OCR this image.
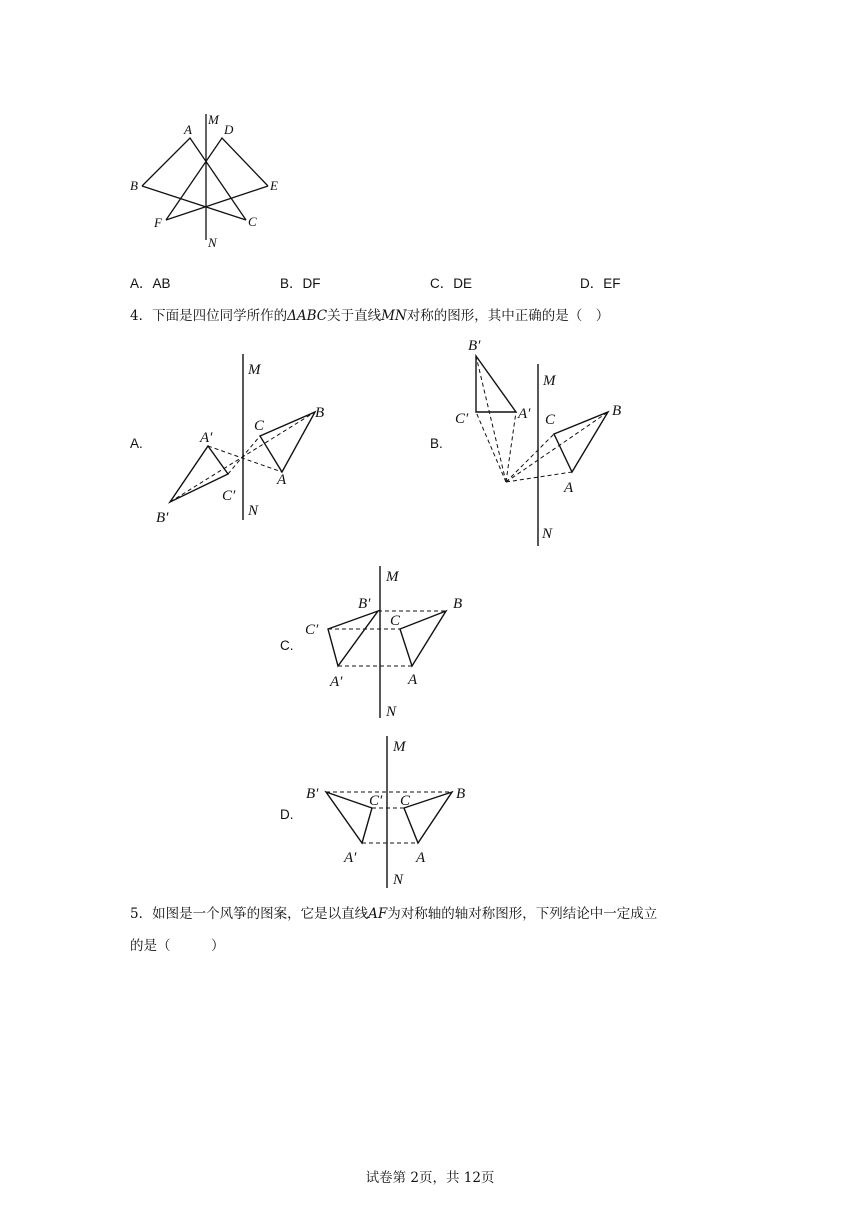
A
M
D
B	E
F	C
N
A．AB	B．DF	C．DE	D．EF
4．下面是四位同学所作的ΔABC关于直线MN对称的图形，其中正确的是（　）
A.
M
N
C
B
A
A′
C′
B′
B.
B′
M
C′	A′ C
B
A
N
C.
M
B′	B
C′
C
A′	A
N
D.
M
B′	B
C′ C
A′	A
N
5．如图是一个风筝的图案，它是以直线AF为对称轴的轴对称图形，下列结论中一定成立
的是（　　　）
试卷第 2页，共 12页
